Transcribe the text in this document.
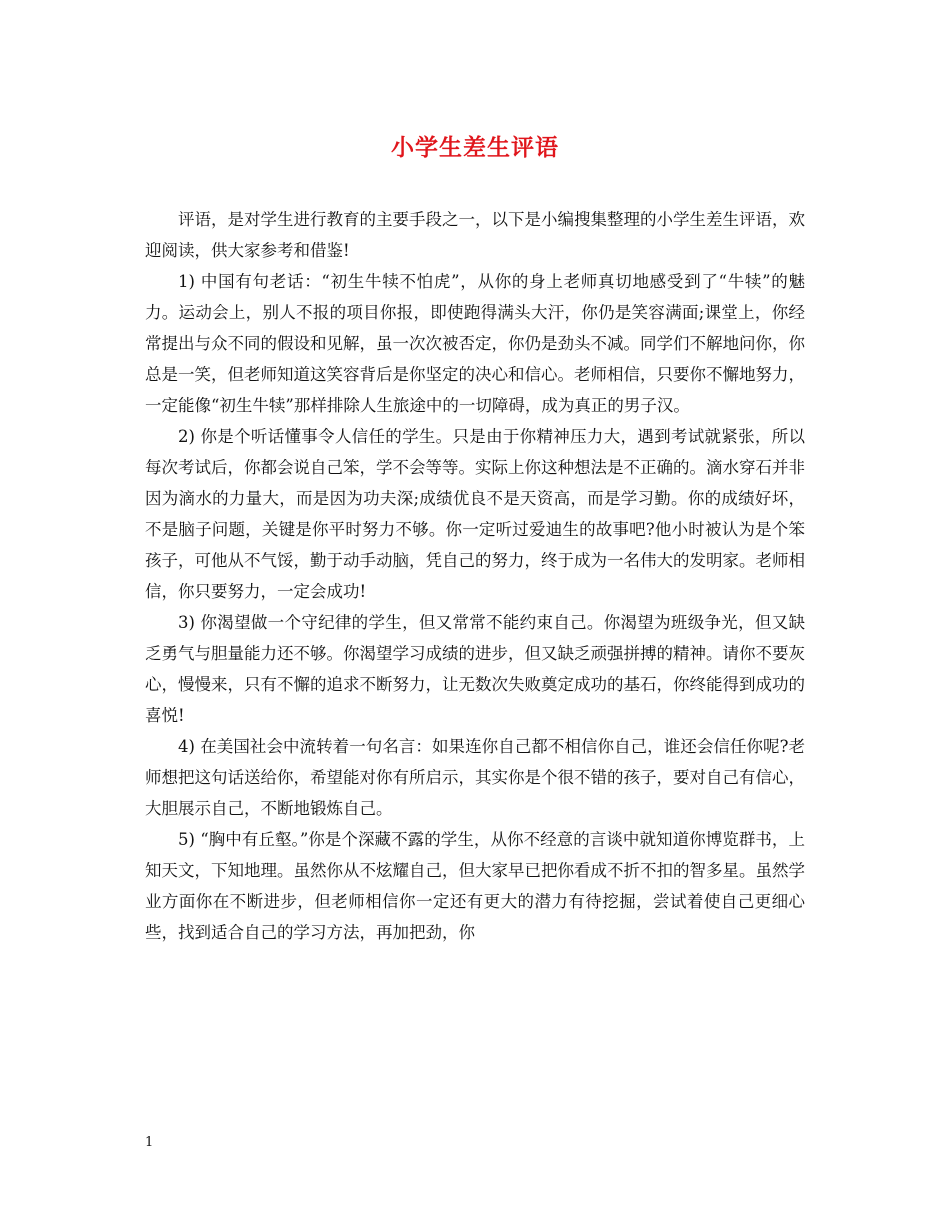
小学生差生评语

评语，是对学生进行教育的主要手段之一，以下是小编搜集整理的小学生差生评语，欢迎阅读，供大家参考和借鉴!

1) 中国有句老话：“初生牛犊不怕虎”，从你的身上老师真切地感受到了“牛犊”的魅力。运动会上，别人不报的项目你报，即使跑得满头大汗，你仍是笑容满面;课堂上，你经常提出与众不同的假设和见解，虽一次次被否定，你仍是劲头不减。同学们不解地问你，你总是一笑，但老师知道这笑容背后是你坚定的决心和信心。老师相信，只要你不懈地努力，一定能像“初生牛犊”那样排除人生旅途中的一切障碍，成为真正的男子汉。

2) 你是个听话懂事令人信任的学生。只是由于你精神压力大，遇到考试就紧张，所以每次考试后，你都会说自己笨，学不会等等。实际上你这种想法是不正确的。滴水穿石并非因为滴水的力量大，而是因为功夫深;成绩优良不是天资高，而是学习勤。你的成绩好坏，不是脑子问题，关键是你平时努力不够。你一定听过爱迪生的故事吧?他小时被认为是个笨孩子，可他从不气馁，勤于动手动脑，凭自己的努力，终于成为一名伟大的发明家。老师相信，你只要努力，一定会成功!

3) 你渴望做一个守纪律的学生，但又常常不能约束自己。你渴望为班级争光，但又缺乏勇气与胆量能力还不够。你渴望学习成绩的进步，但又缺乏顽强拼搏的精神。请你不要灰心，慢慢来，只有不懈的追求不断努力，让无数次失败奠定成功的基石，你终能得到成功的喜悦!

4) 在美国社会中流转着一句名言：如果连你自己都不相信你自己，谁还会信任你呢?老师想把这句话送给你，希望能对你有所启示，其实你是个很不错的孩子，要对自己有信心，大胆展示自己，不断地锻炼自己。

5) “胸中有丘壑。”你是个深藏不露的学生，从你不经意的言谈中就知道你博览群书，上知天文，下知地理。虽然你从不炫耀自己，但大家早已把你看成不折不扣的智多星。虽然学业方面你在不断进步，但老师相信你一定还有更大的潜力有待挖掘，尝试着使自己更细心些，找到适合自己的学习方法，再加把劲，你

1
